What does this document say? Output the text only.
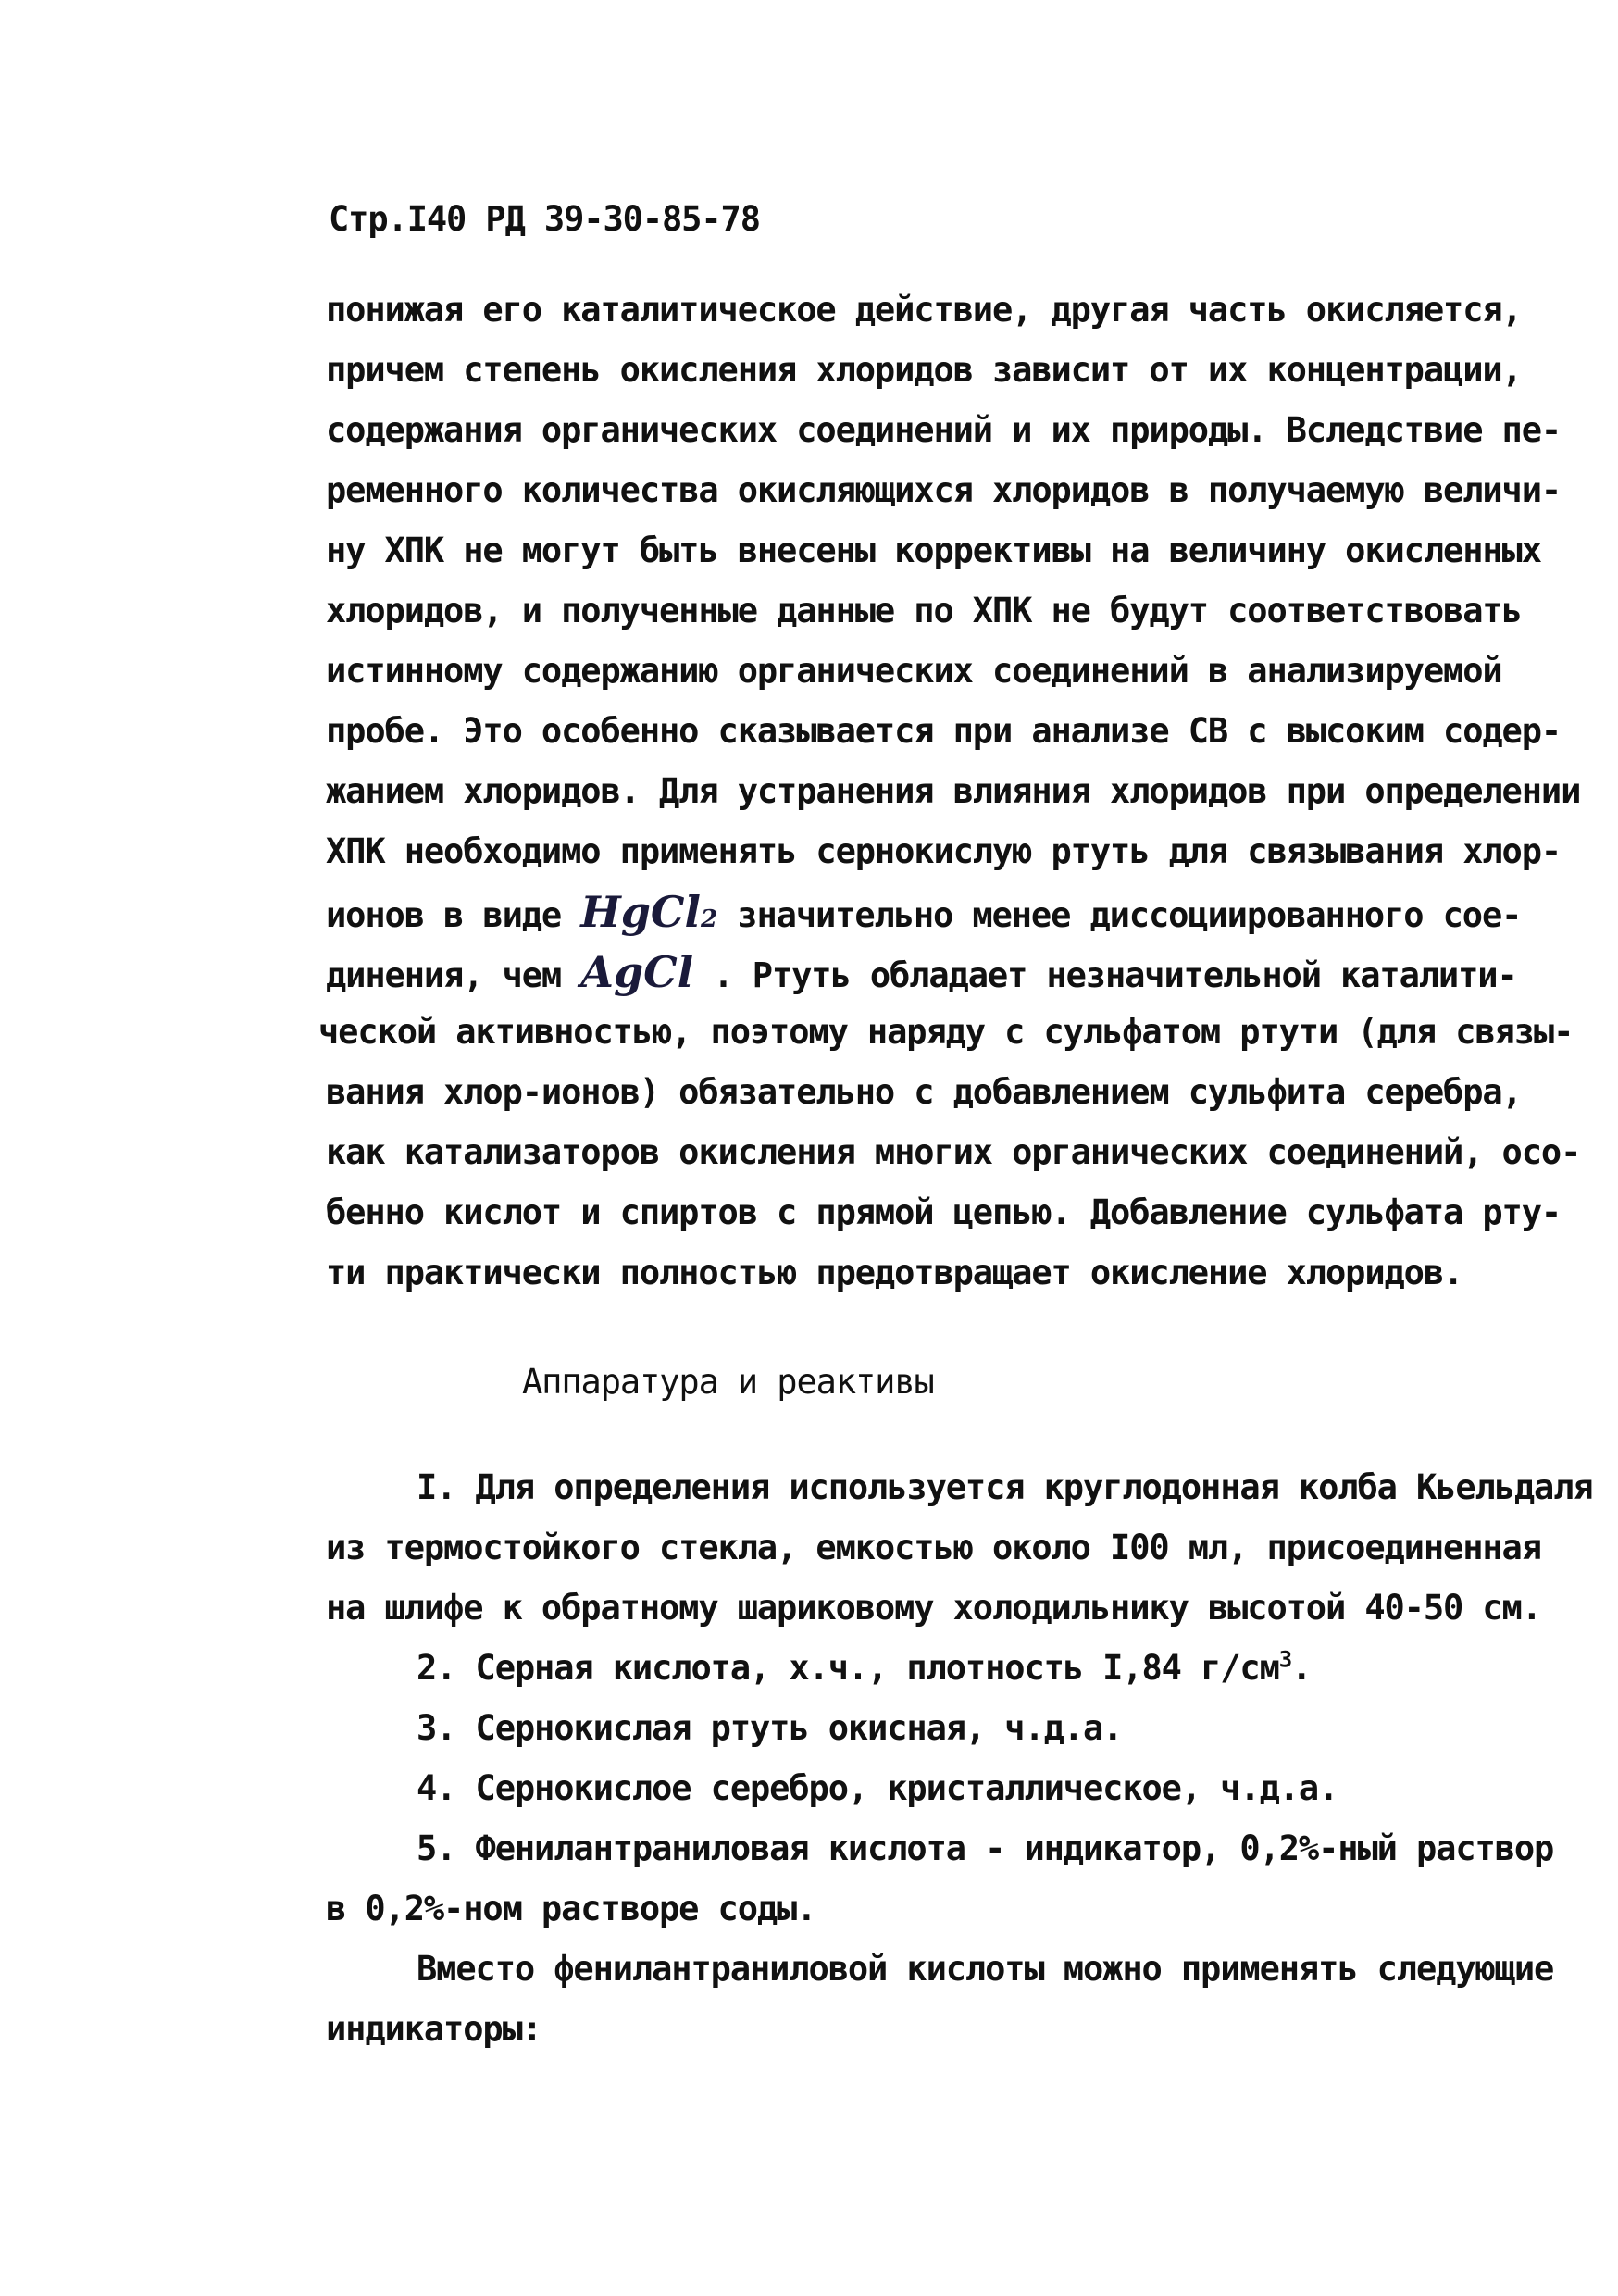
Стр.I40 РД 39-30-85-78
понижая его каталитическое действие, другая часть окисляется,
причем степень окисления хлоридов зависит от их концентрации,
содержания органических соединений и их природы. Вследствие пе-
ременного количества окисляющихся хлоридов в получаемую величи-
ну ХПК не могут быть внесены коррективы на величину окисленных
хлоридов, и полученные данные по ХПК не будут соответствовать
истинному содержанию органических соединений в анализируемой
пробе. Это особенно сказывается при анализе СВ с высоким содер-
жанием хлоридов. Для устранения влияния хлоридов при определении
ХПК необходимо применять сернокислую ртуть для связывания хлор-
ионов в виде HgCl2 значительно менее диссоциированного сое-
динения, чем AgCl . Ртуть обладает незначительной каталити-
ческой активностью, поэтому наряду с сульфатом ртути (для связы-
вания хлор-ионов) обязательно с добавлением сульфита серебра,
как катализаторов окисления многих органических соединений, осо-
бенно кислот и спиртов с прямой цепью. Добавление сульфата рту-
ти практически полностью предотвращает окисление хлоридов.
Аппаратура и реактивы
I. Для определения используется круглодонная колба Кьельдаля
из термостойкого стекла, емкостью около I00 мл, присоединенная
на шлифе к обратному шариковому холодильнику высотой 40-50 см.
2. Серная кислота, х.ч., плотность I,84 $г/см^3$.
3. Сернокислая ртуть окисная, ч.д.а.
4. Сернокислое серебро, кристаллическое, ч.д.а.
5. Фенилантраниловая кислота - индикатор, 0,2%-ный раствор
в 0,2%-ном растворе соды.
Вместо фенилантраниловой кислоты можно применять следующие
индикаторы:
